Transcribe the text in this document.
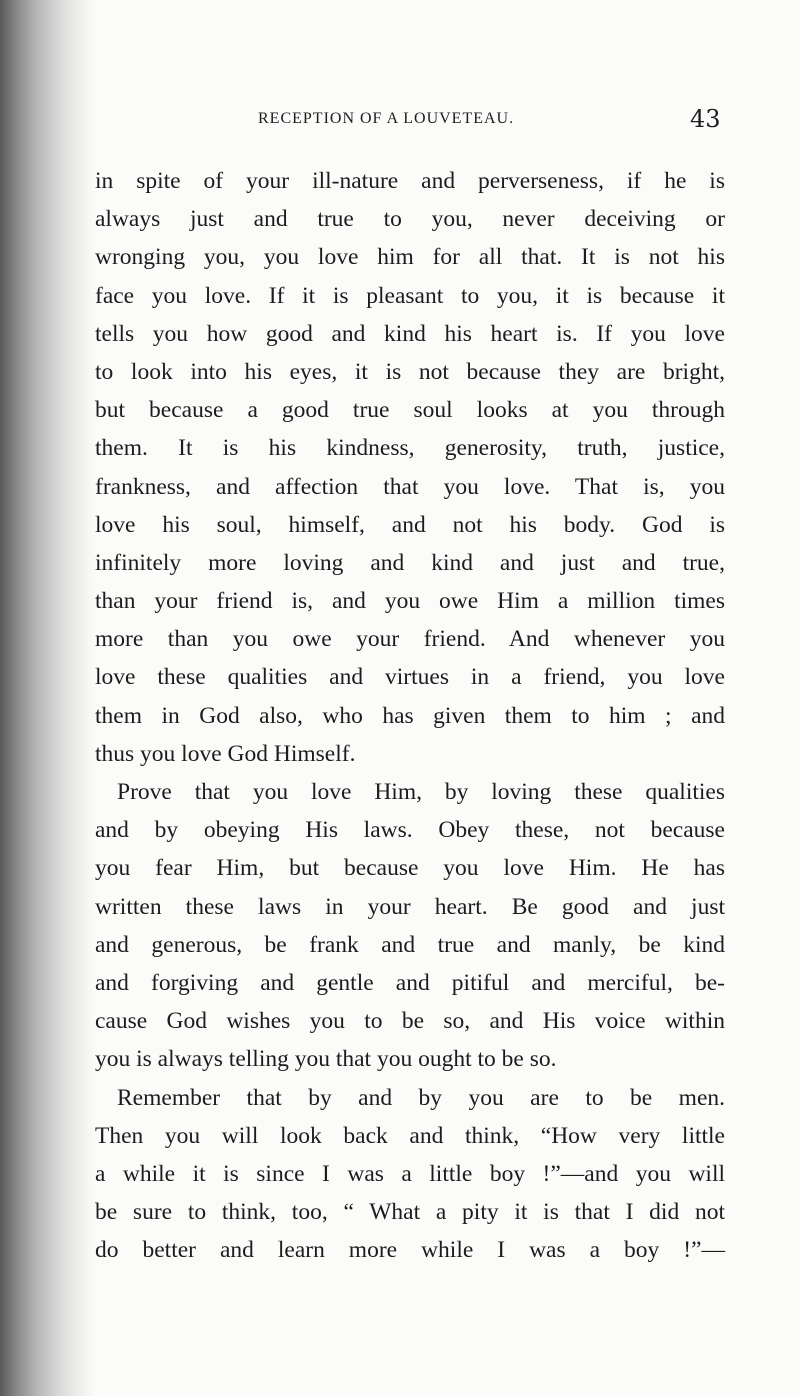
RECEPTION OF A LOUVETEAU.	43
in spite of your ill-nature and perverseness, if he is
always just and true to you, never deceiving or
wronging you, you love him for all that. It is not his
face you love. If it is pleasant to you, it is because it
tells you how good and kind his heart is. If you love
to look into his eyes, it is not because they are bright,
but because a good true soul looks at you through
them. It is his kindness, generosity, truth, justice,
frankness, and affection that you love. That is, you
love his soul, himself, and not his body. God is
infinitely more loving and kind and just and true,
than your friend is, and you owe Him a million times
more than you owe your friend. And whenever you
love these qualities and virtues in a friend, you love
them in God also, who has given them to him ; and
thus you love God Himself.
Prove that you love Him, by loving these qualities
and by obeying His laws. Obey these, not because
you fear Him, but because you love Him. He has
written these laws in your heart. Be good and just
and generous, be frank and true and manly, be kind
and forgiving and gentle and pitiful and merciful, be-
cause God wishes you to be so, and His voice within
you is always telling you that you ought to be so.
Remember that by and by you are to be men.
Then you will look back and think, “How very little
a while it is since I was a little boy !”—and you will
be sure to think, too, “ What a pity it is that I did not
do better and learn more while I was a boy !”—
